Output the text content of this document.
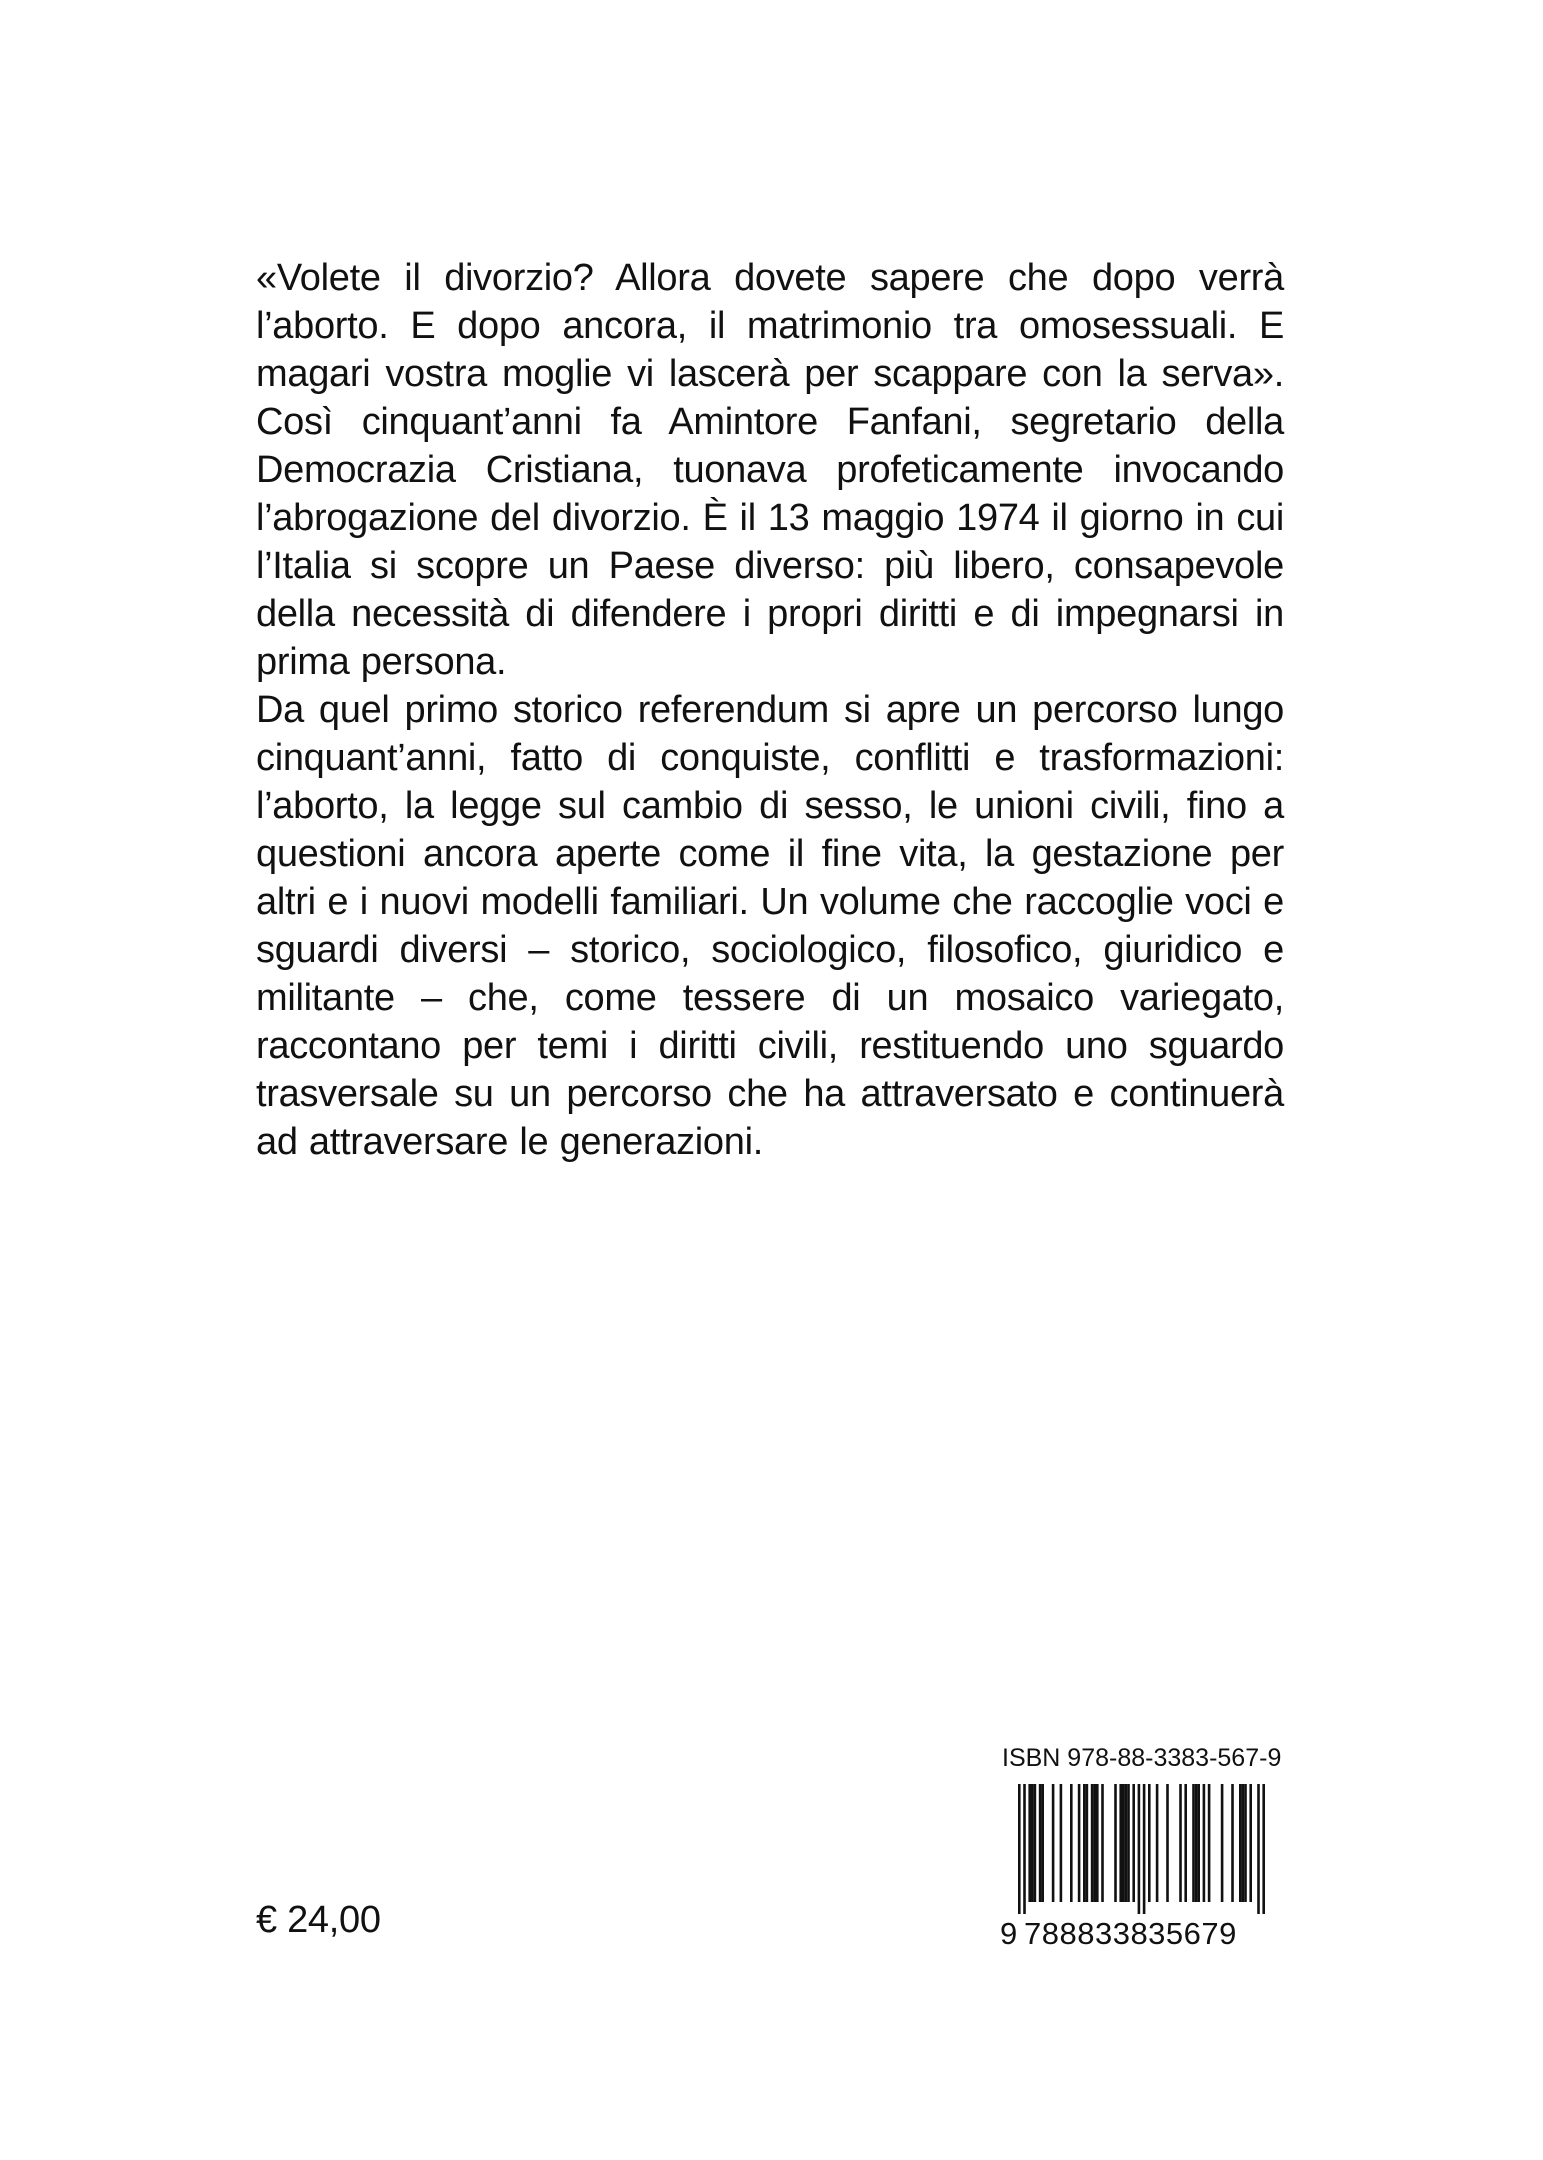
«Volete il divorzio? Allora dovete sapere che dopo verrà l’aborto. E dopo ancora, il matrimonio tra omosessuali. E magari vostra moglie vi lascerà per scappare con la serva». Così cinquant’anni fa Amintore Fanfani, segretario della Democrazia Cristiana, tuonava profeticamente invocando l’abrogazione del divorzio. È il 13 maggio 1974 il giorno in cui l’Italia si scopre un Paese diverso: più libero, consapevole della necessità di difendere i propri diritti e di impegnarsi in prima persona.

Da quel primo storico referendum si apre un percorso lungo cinquant’anni, fatto di conquiste, conflitti e trasformazioni: l’aborto, la legge sul cambio di sesso, le unioni civili, fino a questioni ancora aperte come il fine vita, la gestazione per altri e i nuovi modelli familiari. Un volume che raccoglie voci e sguardi diversi – storico, sociologico, filosofico, giuridico e militante – che, come tessere di un mosaico variegato, raccontano per temi i diritti civili, restituendo uno sguardo trasversale su un percorso che ha attraversato e continuerà ad attraversare le generazioni.

€ 24,00
ISBN 978-88-3383-567-9
9 788833835679
